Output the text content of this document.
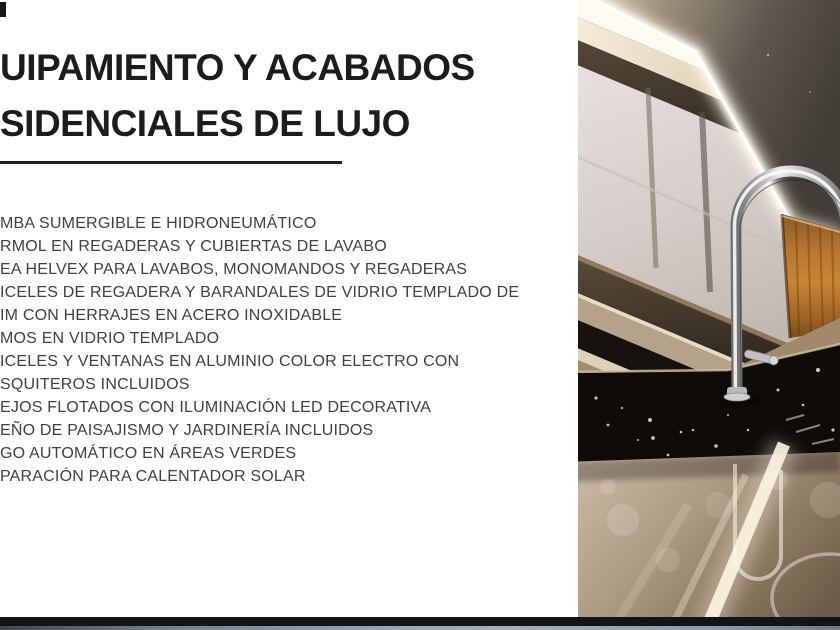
UIPAMIENTO Y ACABADOS
SIDENCIALES DE LUJO
MBA SUMERGIBLE E HIDRONEUMÁTICO
RMOL EN REGADERAS Y CUBIERTAS DE LAVABO
EA HELVEX PARA LAVABOS, MONOMANDOS Y REGADERAS
ICELES DE REGADERA Y BARANDALES DE VIDRIO TEMPLADO DE
IM CON HERRAJES EN ACERO INOXIDABLE
MOS EN VIDRIO TEMPLADO
ICELES Y VENTANAS EN ALUMINIO COLOR ELECTRO CON
SQUITEROS INCLUIDOS
EJOS FLOTADOS CON ILUMINACIÓN LED DECORATIVA
EÑO DE PAISAJISMO Y JARDINERÍA INCLUIDOS
GO AUTOMÁTICO EN ÁREAS VERDES
PARACIÓN PARA CALENTADOR SOLAR
